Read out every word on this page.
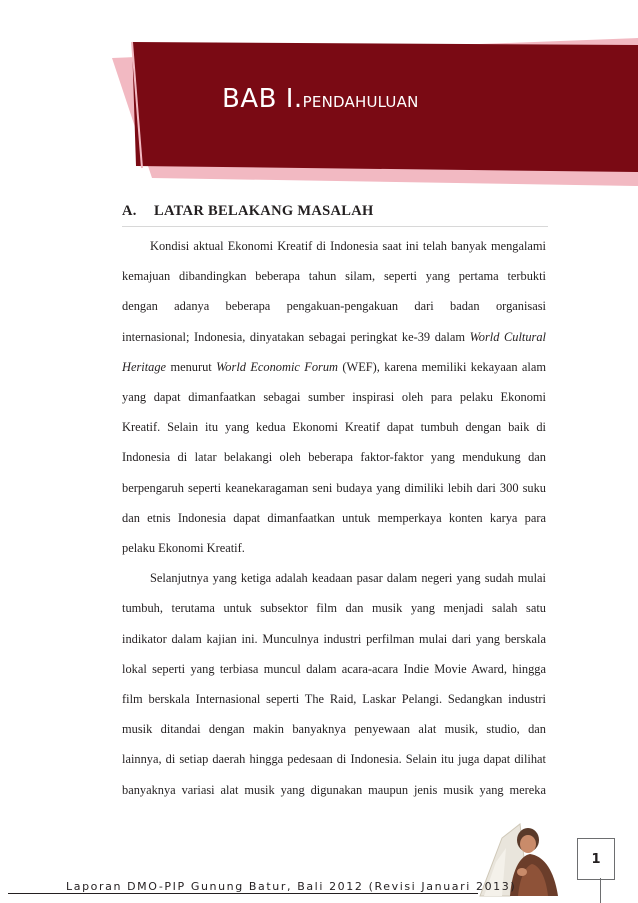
BAB I.PENDAHULUAN
A. LATAR BELAKANG MASALAH
Kondisi aktual Ekonomi Kreatif di Indonesia saat ini telah banyak mengalami
kemajuan dibandingkan beberapa tahun silam, seperti yang pertama terbukti
dengan adanya beberapa pengakuan-pengakuan dari badan organisasi
internasional; Indonesia, dinyatakan sebagai peringkat ke-39 dalam World Cultural
Heritage menurut World Economic Forum (WEF), karena memiliki kekayaan alam
yang dapat dimanfaatkan sebagai sumber inspirasi oleh para pelaku Ekonomi
Kreatif. Selain itu yang kedua Ekonomi Kreatif dapat tumbuh dengan baik di
Indonesia di latar belakangi oleh beberapa faktor-faktor yang mendukung dan
berpengaruh seperti keanekaragaman seni budaya yang dimiliki lebih dari 300 suku
dan etnis Indonesia dapat dimanfaatkan untuk memperkaya konten karya para
pelaku Ekonomi Kreatif.
Selanjutnya yang ketiga adalah keadaan pasar dalam negeri yang sudah mulai
tumbuh, terutama untuk subsektor film dan musik yang menjadi salah satu
indikator dalam kajian ini. Munculnya industri perfilman mulai dari yang berskala
lokal seperti yang terbiasa muncul dalam acara-acara Indie Movie Award, hingga
film berskala Internasional seperti The Raid, Laskar Pelangi. Sedangkan industri
musik ditandai dengan makin banyaknya penyewaan alat musik, studio, dan
lainnya, di setiap daerah hingga pedesaan di Indonesia. Selain itu juga dapat dilihat
banyaknya variasi alat musik yang digunakan maupun jenis musik yang mereka
Laporan DMO-PIP Gunung Batur, Bali 2012 (Revisi Januari 2013)
1
